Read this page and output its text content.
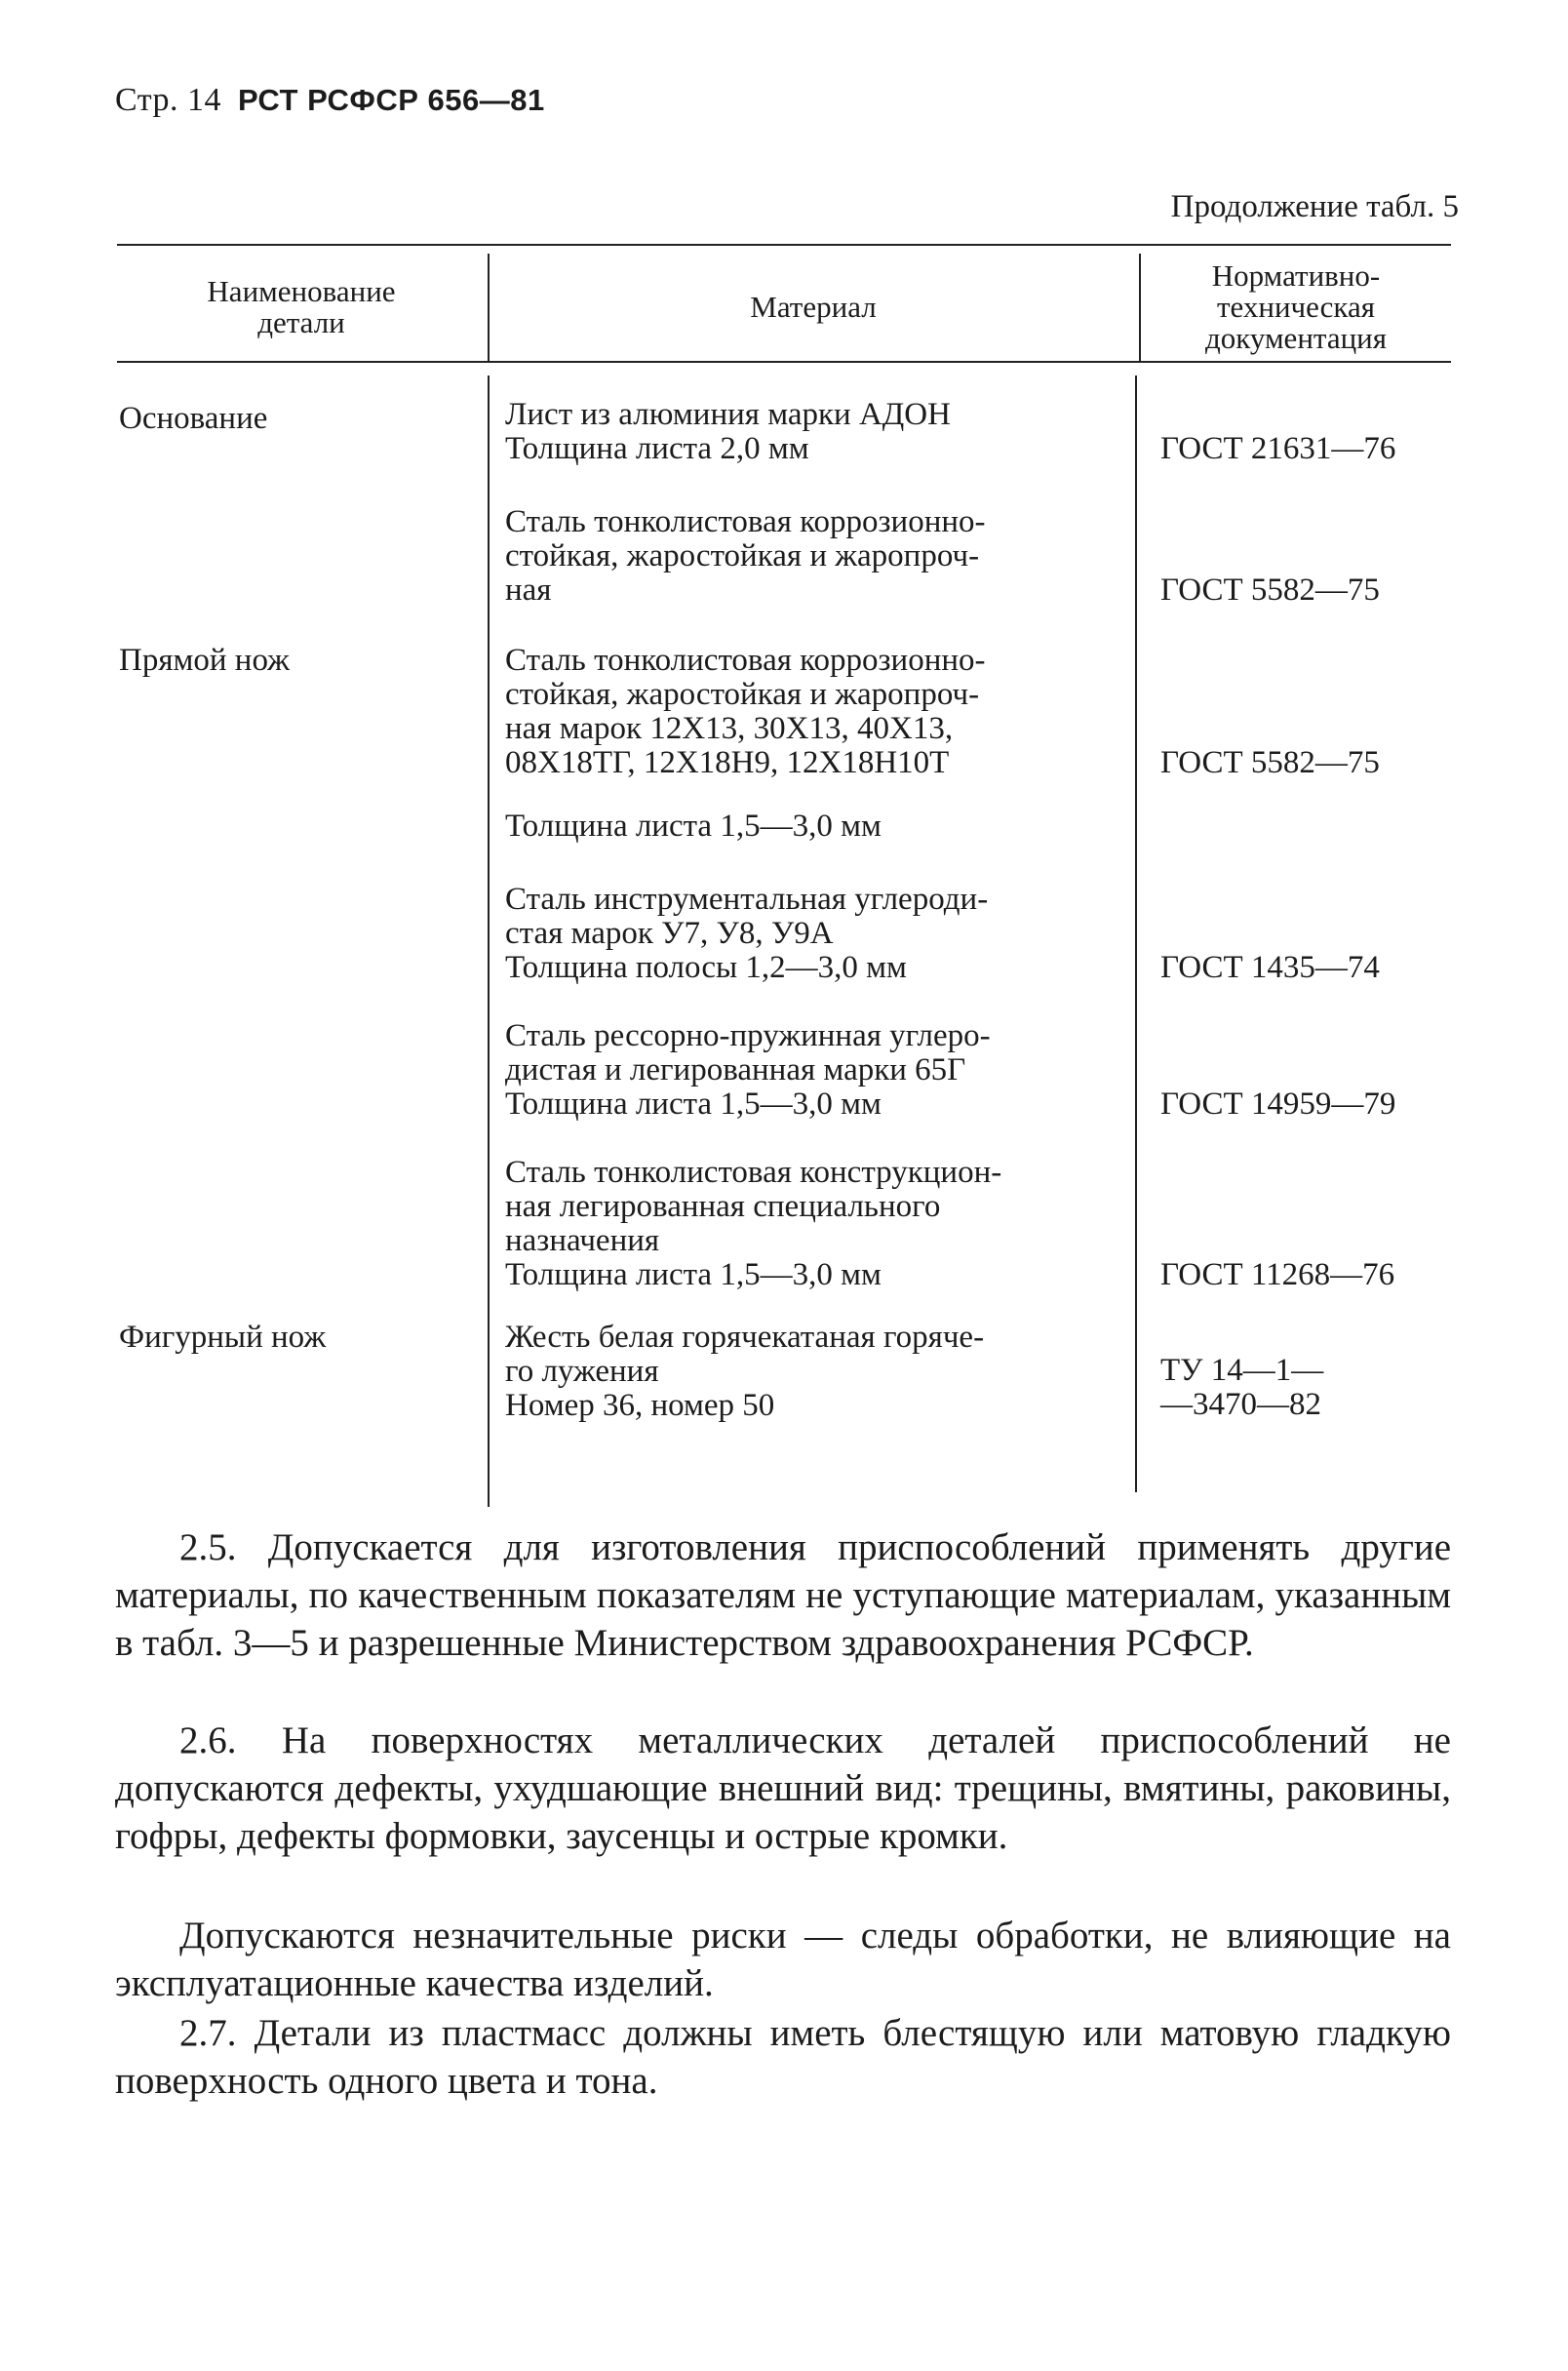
Стр. 14 РСТ РСФСР 656—81
Продолжение табл. 5
Наименование
детали	Материал
Нормативно-
техническая
документация
Основание
Прямой нож
Фигурный нож
Лист из алюминия марки АДОН
Толщина листа 2,0 мм
Сталь тонколистовая коррозионно-
стойкая, жаростойкая и жаропроч-
ная
Сталь тонколистовая коррозионно-
стойкая, жаростойкая и жаропроч-
ная марок 12Х13, 30Х13, 40Х13,
08Х18ТГ, 12Х18Н9, 12Х18Н10Т
Толщина листа 1,5—3,0 мм
Сталь инструментальная углероди-
стая марок У7, У8, У9А
Толщина полосы 1,2—3,0 мм
Сталь рессорно-пружинная углеро-
дистая и легированная марки 65Г
Толщина листа 1,5—3,0 мм
Сталь тонколистовая конструкцион-
ная легированная специального
назначения
Толщина листа 1,5—3,0 мм
Жесть белая горячекатаная горяче-
го лужения
Номер 36, номер 50
ГОСТ 21631—76
ГОСТ 5582—75
ГОСТ 5582—75
ГОСТ 1435—74
ГОСТ 14959—79
ГОСТ 11268—76
ТУ 14—1—
—3470—82
2.5. Допускается для изготовления приспособлений применять другие материалы, по качественным показателям не уступающие материалам, указанным в табл. 3—5 и разрешенные Министерством здравоохранения РСФСР.
2.6. На поверхностях металлических деталей приспособлений не допускаются дефекты, ухудшающие внешний вид: трещины, вмятины, раковины, гофры, дефекты формовки, заусенцы и острые кромки.
Допускаются незначительные риски — следы обработки, не влияющие на эксплуатационные качества изделий.
2.7. Детали из пластмасс должны иметь блестящую или матовую гладкую поверхность одного цвета и тона.
